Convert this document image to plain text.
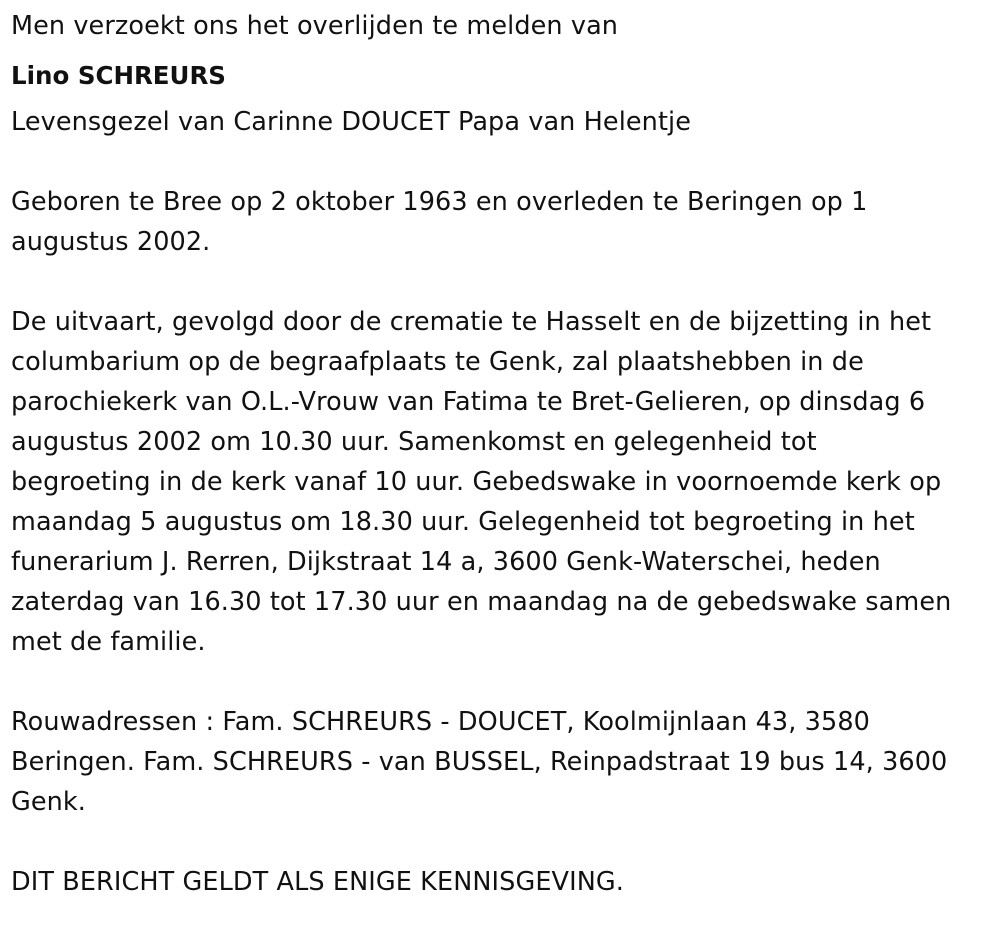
Men verzoekt ons het overlijden te melden van

Lino SCHREURS

Levensgezel van Carinne DOUCET Papa van Helentje

Geboren te Bree op 2 oktober 1963 en overleden te Beringen op 1

augustus 2002.

De uitvaart, gevolgd door de crematie te Hasselt en de bijzetting in het

columbarium op de begraafplaats te Genk, zal plaatshebben in de

parochiekerk van O.L.-Vrouw van Fatima te Bret-Gelieren, op dinsdag 6

augustus 2002 om 10.30 uur. Samenkomst en gelegenheid tot

begroeting in de kerk vanaf 10 uur. Gebedswake in voornoemde kerk op

maandag 5 augustus om 18.30 uur. Gelegenheid tot begroeting in het

funerarium J. Rerren, Dijkstraat 14 a, 3600 Genk-Waterschei, heden

zaterdag van 16.30 tot 17.30 uur en maandag na de gebedswake samen

met de familie.

Rouwadressen : Fam. SCHREURS - DOUCET, Koolmijnlaan 43, 3580

Beringen. Fam. SCHREURS - van BUSSEL, Reinpadstraat 19 bus 14, 3600

Genk.

DIT BERICHT GELDT ALS ENIGE KENNISGEVING.
